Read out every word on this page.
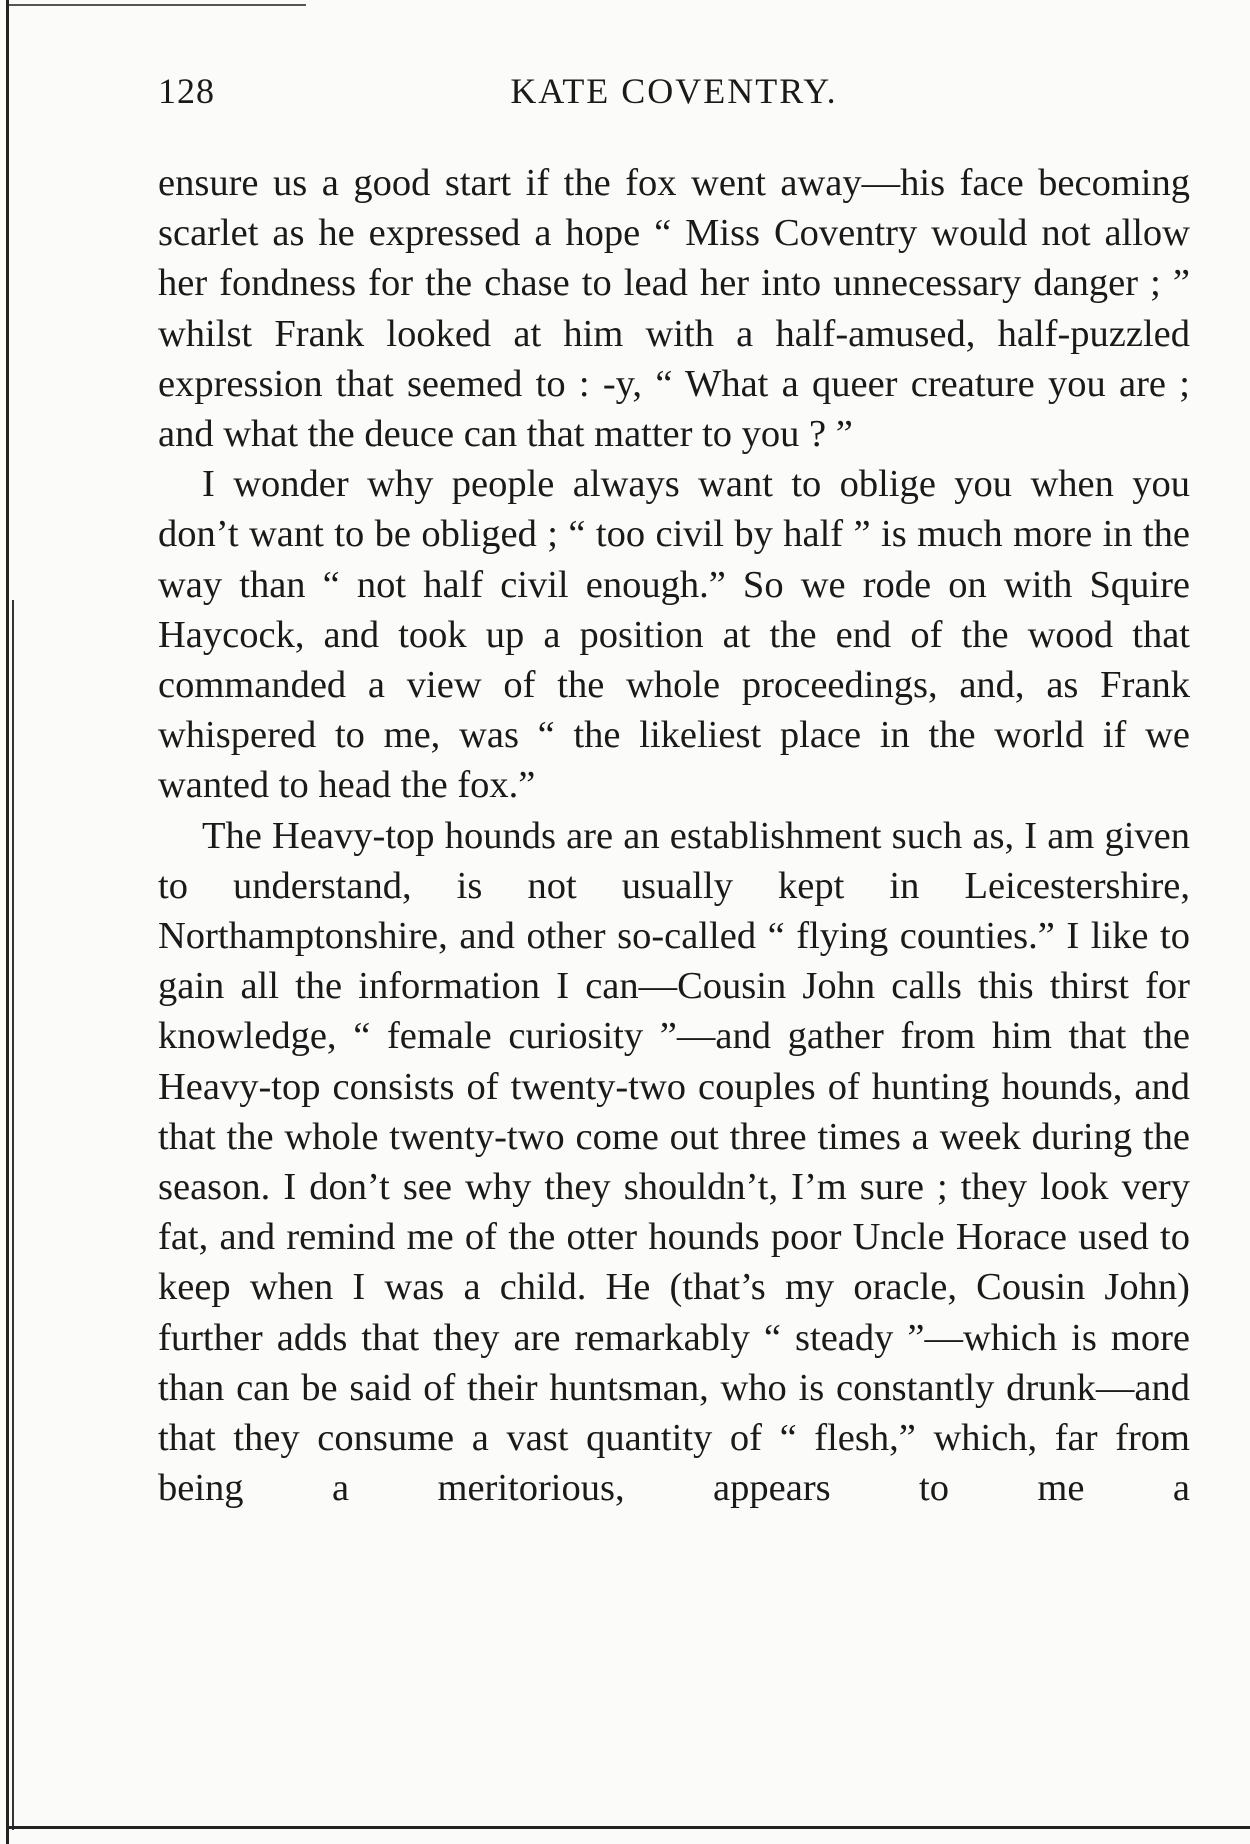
128	KATE COVENTRY.

ensure us a good start if the fox went away—his face becoming scarlet as he expressed a hope “ Miss Coventry would not allow her fondness for the chase to lead her into unnecessary danger ; ” whilst Frank looked at him with a half-amused, half-puzzled expression that seemed to : -y, “ What a queer creature you are ; and what the deuce can that matter to you ? ”

I wonder why people always want to oblige you when you don’t want to be obliged ; “ too civil by half ” is much more in the way than “ not half civil enough.” So we rode on with Squire Haycock, and took up a position at the end of the wood that commanded a view of the whole proceedings, and, as Frank whispered to me, was “ the likeliest place in the world if we wanted to head the fox.”

The Heavy-top hounds are an establishment such as, I am given to understand, is not usually kept in Leicestershire, Northamptonshire, and other so-called “ flying counties.” I like to gain all the information I can—Cousin John calls this thirst for knowledge, “ female curiosity ”—and gather from him that the Heavy-top consists of twenty-two couples of hunting hounds, and that the whole twenty-two come out three times a week during the season. I don’t see why they shouldn’t, I’m sure ; they look very fat, and remind me of the otter hounds poor Uncle Horace used to keep when I was a child. He (that’s my oracle, Cousin John) further adds that they are remarkably “ steady ”—which is more than can be said of their huntsman, who is constantly drunk—and that they consume a vast quantity of “ flesh,” which, far from being a meritorious, appears to me a
